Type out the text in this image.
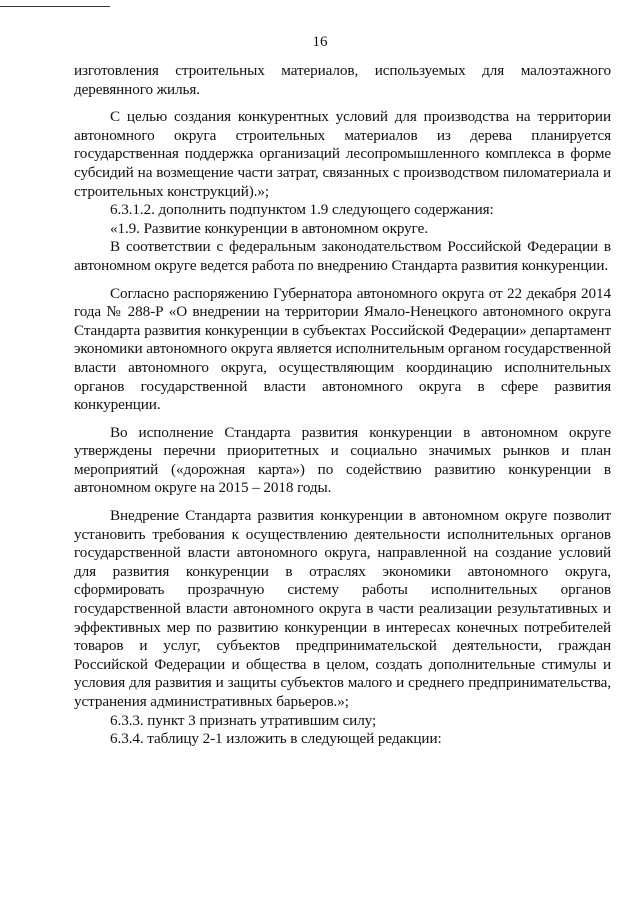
16

изготовления строительных материалов, используемых для малоэтажного деревянного жилья.

С целью создания конкурентных условий для производства на территории автономного округа строительных материалов из дерева планируется государственная поддержка организаций лесопромышленного комплекса в форме субсидий на возмещение части затрат, связанных с производством пиломатериала и строительных конструкций).»;

6.3.1.2. дополнить подпунктом 1.9 следующего содержания:

«1.9. Развитие конкуренции в автономном округе.

В соответствии с федеральным законодательством Российской Федерации в автономном округе ведется работа по внедрению Стандарта развития конкуренции.

Согласно распоряжению Губернатора автономного округа от 22 декабря 2014 года № 288-Р «О внедрении на территории Ямало-Ненецкого автономного округа Стандарта развития конкуренции в субъектах Российской Федерации» департамент экономики автономного округа является исполнительным органом государственной власти автономного округа, осуществляющим координацию исполнительных органов государственной власти автономного округа в сфере развития конкуренции.

Во исполнение Стандарта развития конкуренции в автономном округе утверждены перечни приоритетных и социально значимых рынков и план мероприятий («дорожная карта») по содействию развитию конкуренции в автономном округе на 2015 – 2018 годы.

Внедрение Стандарта развития конкуренции в автономном округе позволит установить требования к осуществлению деятельности исполнительных органов государственной власти автономного округа, направленной на создание условий для развития конкуренции в отраслях экономики автономного округа, сформировать прозрачную систему работы исполнительных органов государственной власти автономного округа в части реализации результативных и эффективных мер по развитию конкуренции в интересах конечных потребителей товаров и услуг, субъектов предпринимательской деятельности, граждан Российской Федерации и общества в целом, создать дополнительные стимулы и условия для развития и защиты субъектов малого и среднего предпринимательства, устранения административных барьеров.»;

6.3.3. пункт 3 признать утратившим силу;

6.3.4. таблицу 2-1 изложить в следующей редакции:
